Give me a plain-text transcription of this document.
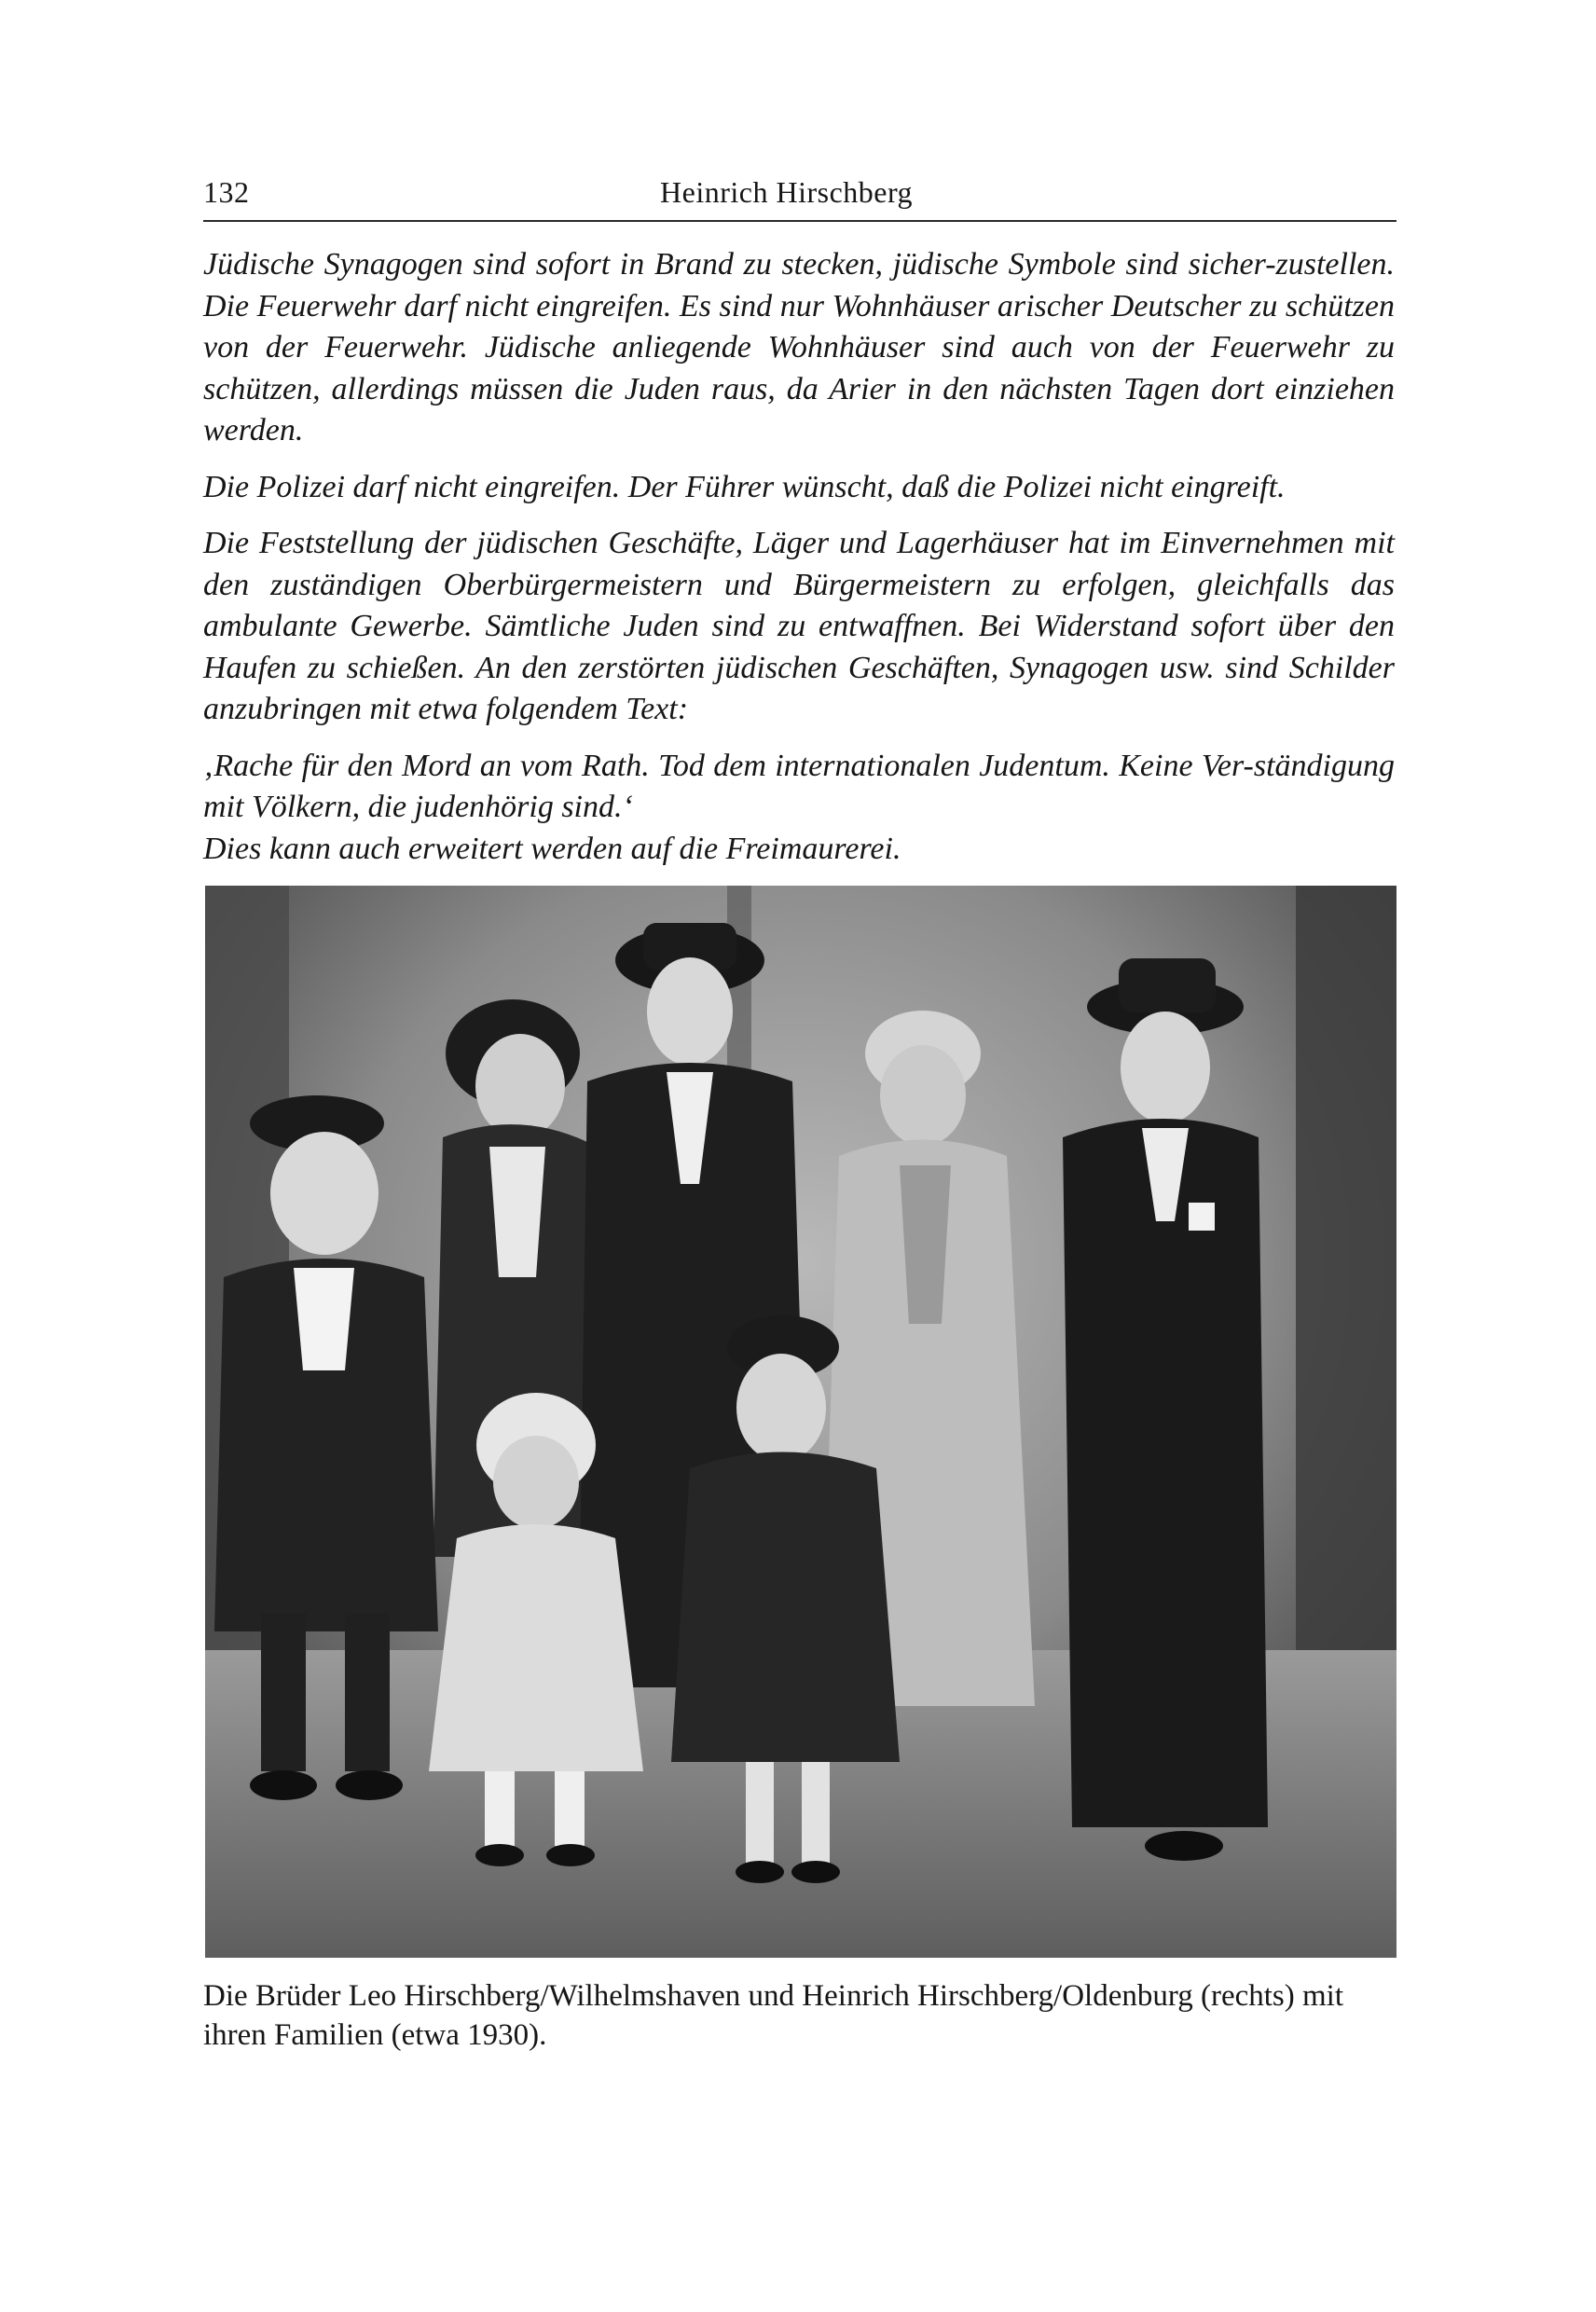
132	Heinrich Hirschberg

Jüdische Synagogen sind sofort in Brand zu stecken, jüdische Symbole sind sicher-zustellen. Die Feuerwehr darf nicht eingreifen. Es sind nur Wohnhäuser arischer Deutscher zu schützen von der Feuerwehr. Jüdische anliegende Wohnhäuser sind auch von der Feuerwehr zu schützen, allerdings müssen die Juden raus, da Arier in den nächsten Tagen dort einziehen werden.

Die Polizei darf nicht eingreifen. Der Führer wünscht, daß die Polizei nicht eingreift.

Die Feststellung der jüdischen Geschäfte, Läger und Lagerhäuser hat im Einvernehmen mit den zuständigen Oberbürgermeistern und Bürgermeistern zu erfolgen, gleichfalls das ambulante Gewerbe. Sämtliche Juden sind zu entwaffnen. Bei Widerstand sofort über den Haufen zu schießen. An den zerstörten jüdischen Geschäften, Synagogen usw. sind Schilder anzubringen mit etwa folgendem Text:

‚Rache für den Mord an vom Rath. Tod dem internationalen Judentum. Keine Ver-ständigung mit Völkern, die judenhörig sind.‘

Dies kann auch erweitert werden auf die Freimaurerei.

Die Brüder Leo Hirschberg/Wilhelmshaven und Heinrich Hirschberg/Oldenburg (rechts) mit ihren Familien (etwa 1930).
